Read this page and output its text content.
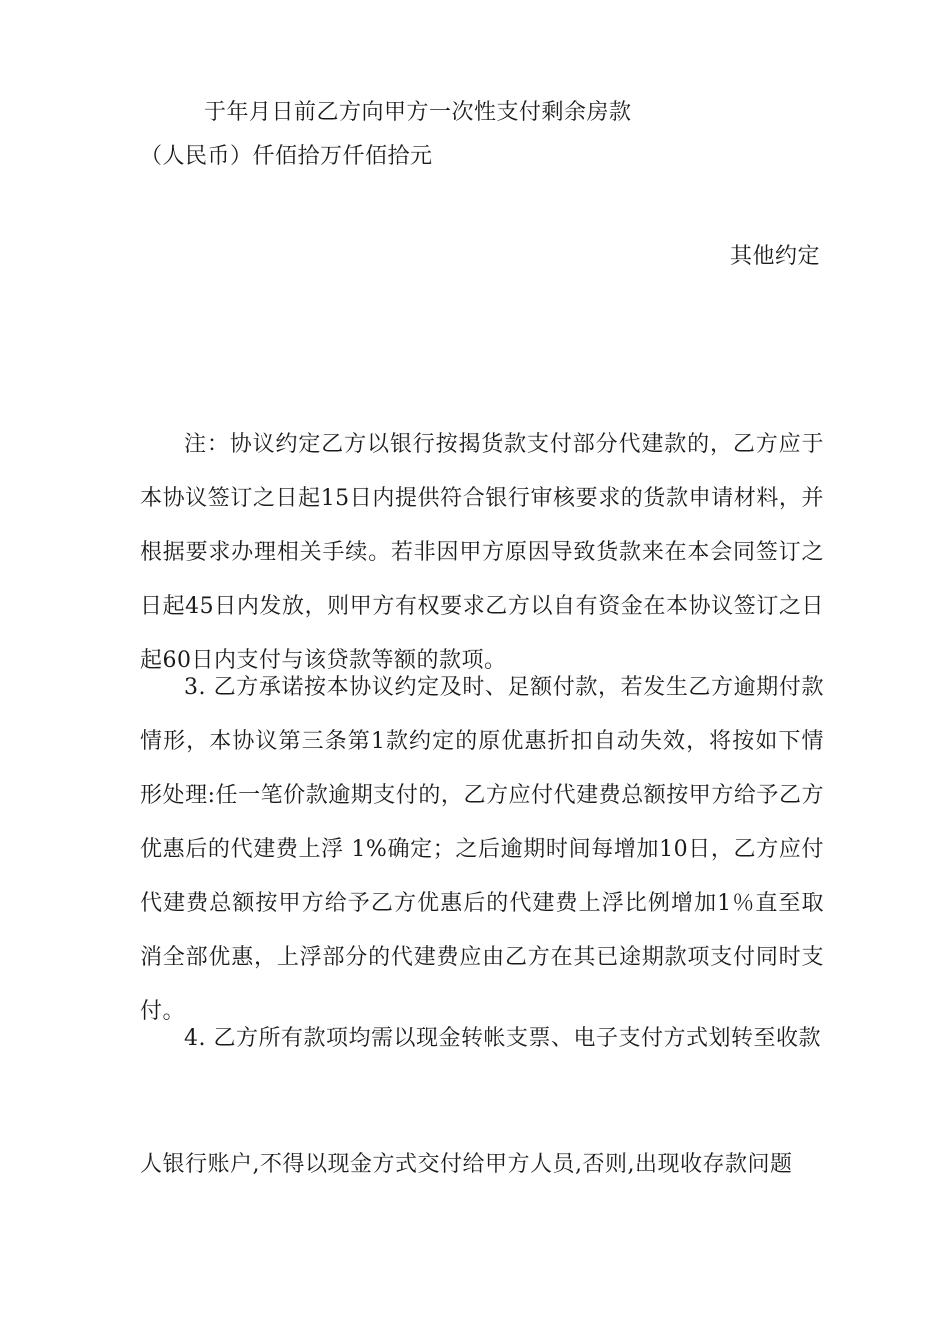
于年月日前乙方向甲方一次性支付剩余房款
（人民币）仟佰拾万仟佰拾元
其他约定
注：协议约定乙方以银行按揭货款支付部分代建款的，乙方应于本协议签订之日起15日内提供符合银行审核要求的货款申请材料，并根据要求办理相关手续。若非因甲方原因导致货款来在本会同签订之日起45日内发放，则甲方有权要求乙方以自有资金在本协议签订之日起60日内支付与该贷款等额的款项。
3. 乙方承诺按本协议约定及时、足额付款，若发生乙方逾期付款情形，本协议第三条第1款约定的原优惠折扣自动失效，将按如下情形处理:任一笔价款逾期支付的，乙方应付代建费总额按甲方给予乙方优惠后的代建费上浮 1%确定；之后逾期时间每增加10日，乙方应付代建费总额按甲方给予乙方优惠后的代建费上浮比例增加1％直至取消全部优惠，上浮部分的代建费应由乙方在其已途期款项支付同时支付。
4. 乙方所有款项均需以现金转帐支票、电子支付方式划转至收款
人银行账户,不得以现金方式交付给甲方人员,否则,出现收存款问题
